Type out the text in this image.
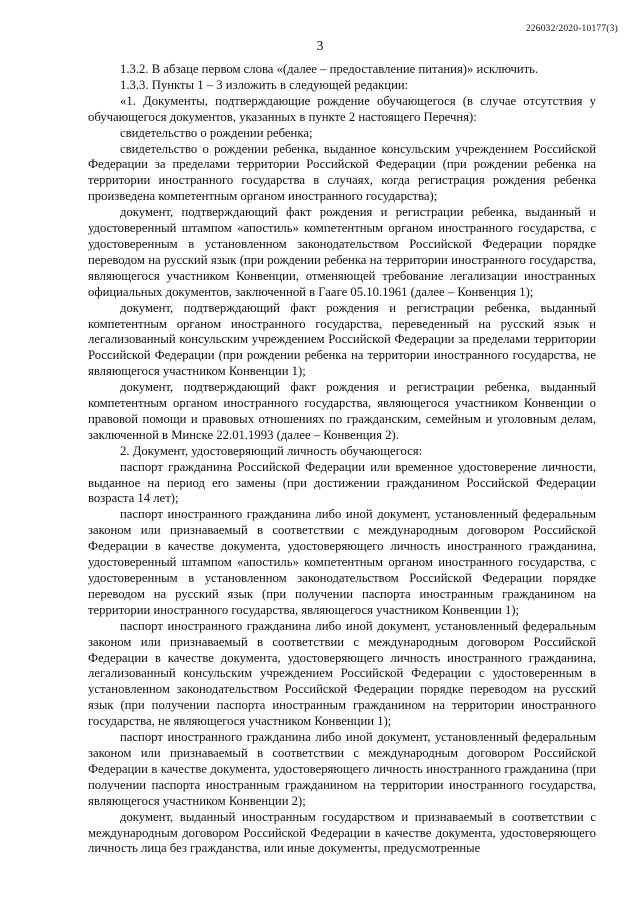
226032/2020-10177(3)
3

1.3.2. В абзаце первом слова «(далее – предоставление питания)» исключить.

1.3.3. Пункты 1 – 3 изложить в следующей редакции:

«1. Документы, подтверждающие рождение обучающегося (в случае отсутствия у обучающегося документов, указанных в пункте 2 настоящего Перечня):

свидетельство о рождении ребенка;

свидетельство о рождении ребенка, выданное консульским учреждением Российской Федерации за пределами территории Российской Федерации (при рождении ребенка на территории иностранного государства в случаях, когда регистрация рождения ребенка произведена компетентным органом иностранного государства);

документ, подтверждающий факт рождения и регистрации ребенка, выданный и удостоверенный штампом «апостиль» компетентным органом иностранного государства, с удостоверенным в установленном законодательством Российской Федерации порядке переводом на русский язык (при рождении ребенка на территории иностранного государства, являющегося участником Конвенции, отменяющей требование легализации иностранных официальных документов, заключенной в Гааге 05.10.1961 (далее – Конвенция 1);

документ, подтверждающий факт рождения и регистрации ребенка, выданный компетентным органом иностранного государства, переведенный на русский язык и легализованный консульским учреждением Российской Федерации за пределами территории Российской Федерации (при рождении ребенка на территории иностранного государства, не являющегося участником Конвенции 1);

документ, подтверждающий факт рождения и регистрации ребенка, выданный компетентным органом иностранного государства, являющегося участником Конвенции о правовой помощи и правовых отношениях по гражданским, семейным и уголовным делам, заключенной в Минске 22.01.1993 (далее – Конвенция 2).

2. Документ, удостоверяющий личность обучающегося:

паспорт гражданина Российской Федерации или временное удостоверение личности, выданное на период его замены (при достижении гражданином Российской Федерации возраста 14 лет);

паспорт иностранного гражданина либо иной документ, установленный федеральным законом или признаваемый в соответствии с международным договором Российской Федерации в качестве документа, удостоверяющего личность иностранного гражданина, удостоверенный штампом «апостиль» компетентным органом иностранного государства, с удостоверенным в установленном законодательством Российской Федерации порядке переводом на русский язык (при получении паспорта иностранным гражданином на территории иностранного государства, являющегося участником Конвенции 1);

паспорт иностранного гражданина либо иной документ, установленный федеральным законом или признаваемый в соответствии с международным договором Российской Федерации в качестве документа, удостоверяющего личность иностранного гражданина, легализованный консульским учреждением Российской Федерации с удостоверенным в установленном законодательством Российской Федерации порядке переводом на русский язык (при получении паспорта иностранным гражданином на территории иностранного государства, не являющегося участником Конвенции 1);

паспорт иностранного гражданина либо иной документ, установленный федеральным законом или признаваемый в соответствии с международным договором Российской Федерации в качестве документа, удостоверяющего личность иностранного гражданина (при получении паспорта иностранным гражданином на территории иностранного государства, являющегося участником Конвенции 2);

документ, выданный иностранным государством и признаваемый в соответствии с международным договором Российской Федерации в качестве документа, удостоверяющего личность лица без гражданства, или иные документы, предусмотренные
